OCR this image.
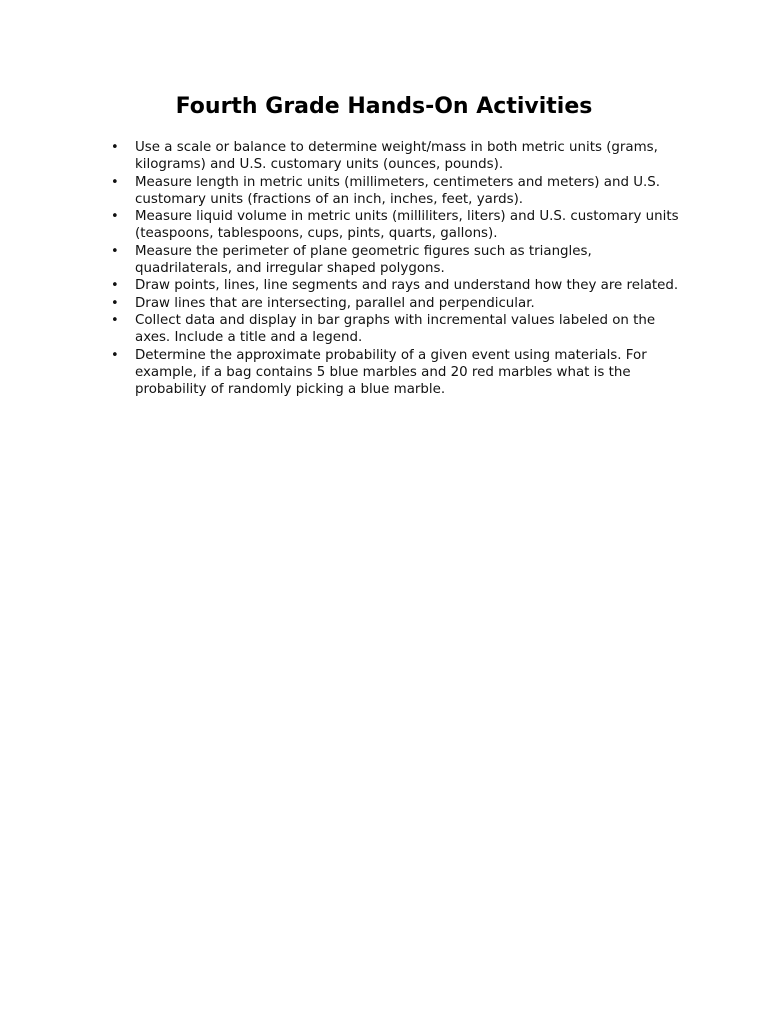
Fourth Grade Hands-On Activities
•	Use a scale or balance to determine weight/mass in both metric units (grams, kilograms) and U.S. customary units (ounces, pounds).
•	Measure length in metric units (millimeters, centimeters and meters) and U.S. customary units (fractions of an inch, inches, feet, yards).
•	Measure liquid volume in metric units (milliliters, liters) and U.S. customary units (teaspoons, tablespoons, cups, pints, quarts, gallons).
•	Measure the perimeter of plane geometric figures such as triangles, quadrilaterals, and irregular shaped polygons.
•	Draw points, lines, line segments and rays and understand how they are related.
•	Draw lines that are intersecting, parallel and perpendicular.
•	Collect data and display in bar graphs with incremental values labeled on the axes. Include a title and a legend.
•	Determine the approximate probability of a given event using materials. For example, if a bag contains 5 blue marbles and 20 red marbles what is the probability of randomly picking a blue marble.
